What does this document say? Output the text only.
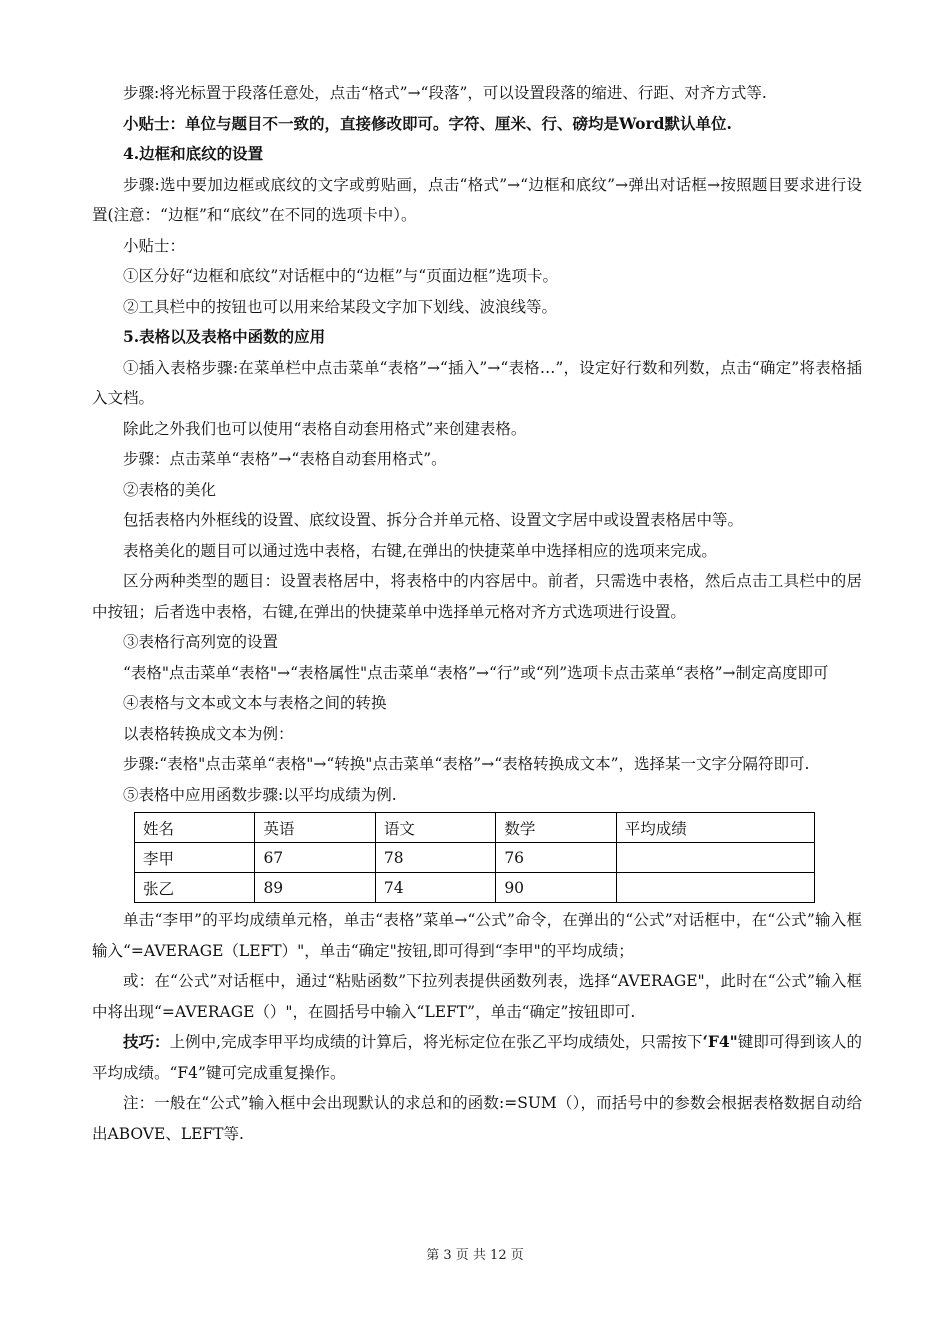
步骤:将光标置于段落任意处，点击“格式”→“段落”，可以设置段落的缩进、行距、对齐方式等.

小贴士：单位与题目不一致的，直接修改即可。字符、厘米、行、磅均是Word默认单位.

4.边框和底纹的设置

步骤:选中要加边框或底纹的文字或剪贴画，点击“格式”→“边框和底纹”→弹出对话框→按照题目要求进行设置(注意：“边框”和“底纹”在不同的选项卡中）。

小贴士：

①区分好“边框和底纹”对话框中的“边框”与“页面边框”选项卡。

②工具栏中的按钮也可以用来给某段文字加下划线、波浪线等。

5.表格以及表格中函数的应用

①插入表格步骤:在菜单栏中点击菜单“表格”→“插入”→“表格…”，设定好行数和列数，点击“确定”将表格插入文档。

除此之外我们也可以使用“表格自动套用格式”来创建表格。

步骤：点击菜单“表格”→“表格自动套用格式”。

②表格的美化

包括表格内外框线的设置、底纹设置、拆分合并单元格、设置文字居中或设置表格居中等。

表格美化的题目可以通过选中表格，右键,在弹出的快捷菜单中选择相应的选项来完成。

区分两种类型的题目：设置表格居中，将表格中的内容居中。前者，只需选中表格，然后点击工具栏中的居中按钮；后者选中表格，右键,在弹出的快捷菜单中选择单元格对齐方式选项进行设置。

③表格行高列宽的设置

“表格"点击菜单“表格"→“表格属性"点击菜单“表格”→“行”或“列”选项卡点击菜单“表格”→制定高度即可

④表格与文本或文本与表格之间的转换

以表格转换成文本为例：

步骤:“表格"点击菜单“表格"→“转换"点击菜单“表格”→“表格转换成文本”，选择某一文字分隔符即可.

⑤表格中应用函数步骤:以平均成绩为例.

姓名	英语	语文	数学	平均成绩
李甲	67	78	76	
张乙	89	74	90	

单击“李甲”的平均成绩单元格，单击“表格”菜单→“公式”命令，在弹出的“公式”对话框中，在“公式”输入框输入“=AVERAGE（LEFT）"，单击“确定"按钮,即可得到“李甲"的平均成绩；

或：在“公式”对话框中，通过“粘贴函数”下拉列表提供函数列表，选择“AVERAGE"，此时在“公式”输入框中将出现“=AVERAGE（）"，在圆括号中输入“LEFT”，单击“确定”按钮即可.

技巧：上例中,完成李甲平均成绩的计算后，将光标定位在张乙平均成绩处，只需按下‘F4"键即可得到该人的平均成绩。“F4”键可完成重复操作。

注：一般在“公式”输入框中会出现默认的求总和的函数:=SUM（），而括号中的参数会根据表格数据自动给出ABOVE、LEFT等.

第 3 页 共 12 页
